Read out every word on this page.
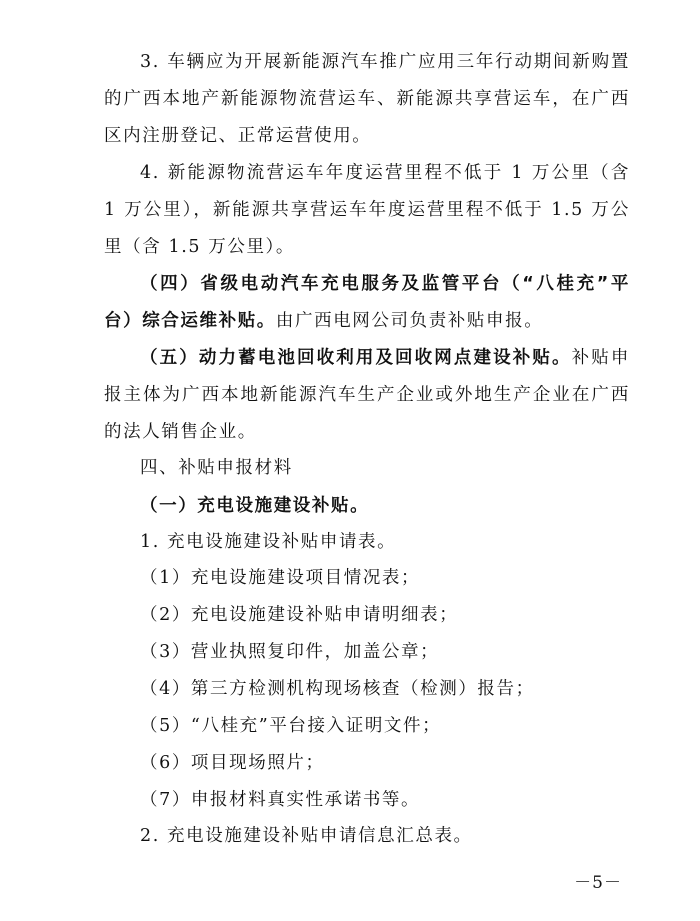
3. 车辆应为开展新能源汽车推广应用三年行动期间新购置的广西本地产新能源物流营运车、新能源共享营运车，在广西区内注册登记、正常运营使用。

4. 新能源物流营运车年度运营里程不低于 1 万公里（含 1 万公里），新能源共享营运车年度运营里程不低于 1.5 万公里（含 1.5 万公里）。

（四）省级电动汽车充电服务及监管平台（“八桂充”平台）综合运维补贴。由广西电网公司负责补贴申报。

（五）动力蓄电池回收利用及回收网点建设补贴。补贴申报主体为广西本地新能源汽车生产企业或外地生产企业在广西的法人销售企业。

四、补贴申报材料

（一）充电设施建设补贴。

1. 充电设施建设补贴申请表。

（1）充电设施建设项目情况表；

（2）充电设施建设补贴申请明细表；

（3）营业执照复印件，加盖公章；

（4）第三方检测机构现场核查（检测）报告；

（5）“八桂充”平台接入证明文件；

（6）项目现场照片；

（7）申报材料真实性承诺书等。

2. 充电设施建设补贴申请信息汇总表。

－5－
